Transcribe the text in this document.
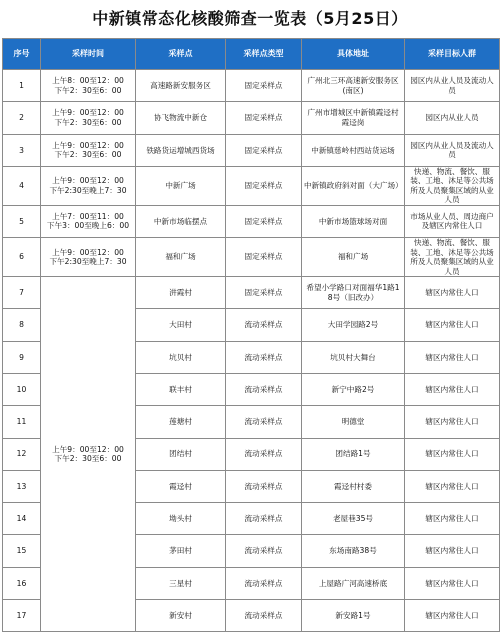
中新镇常态化核酸筛查一览表（5月25日）
序号	采样时间	采样点	采样点类型	具体地址	采样目标人群
1	上午8：00至12：00
下午2：30至6：00	高速路新安服务区	固定采样点	广州北三环高速新安服务区(南区)	园区内从业人员及流动人员
2	上午9：00至12：00
下午2：30至6：00	协飞物流中新仓	固定采样点	广州市增城区中新镇霞迳村霞迳岗	园区内从业人员
3	上午9：00至12：00
下午2：30至6：00	铁路货运增城西货场	固定采样点	中新镇慈岭村西站货运场	园区内从业人员及流动人员
4	上午9：00至12：00
下午2:30至晚上7：30	中新广场	固定采样点	中新镇政府斜对面（大广场）	快递、物流、餐饮、服装、工地、沐足等公共场所及人员聚集区域的从业人员
5	上午7：00至11：00
下午3：00至晚上6：00	中新市场临摆点	固定采样点	中新市场篮球场对面	市场从业人员、周边商户及辖区内常住人口
6	上午9：00至12：00
下午2:30至晚上7：30	福和广场	固定采样点	福和广场	快递、物流、餐饮、服装、工地、沐足等公共场所及人员聚集区域的从业人员
7	上午9：00至12：00
下午2：30至6：00	汫霞村	固定采样点	希望小学路口对面福华1路18号（旧改办）	辖区内常住人口
8		大田村	流动采样点	大田学园路2号	辖区内常住人口
9		坑贝村	流动采样点	坑贝村大舞台	辖区内常住人口
10		联丰村	流动采样点	新宁中路2号	辖区内常住人口
11		莲塘村	流动采样点	明德堂	辖区内常住人口
12		团结村	流动采样点	团结路1号	辖区内常住人口
13		霞迳村	流动采样点	霞迳村村委	辖区内常住人口
14		坳头村	流动采样点	老屋巷35号	辖区内常住人口
15		茅田村	流动采样点	东场南路38号	辖区内常住人口
16		三星村	流动采样点	上屋路广河高速桥底	辖区内常住人口
17		新安村	流动采样点	新安路1号	辖区内常住人口
